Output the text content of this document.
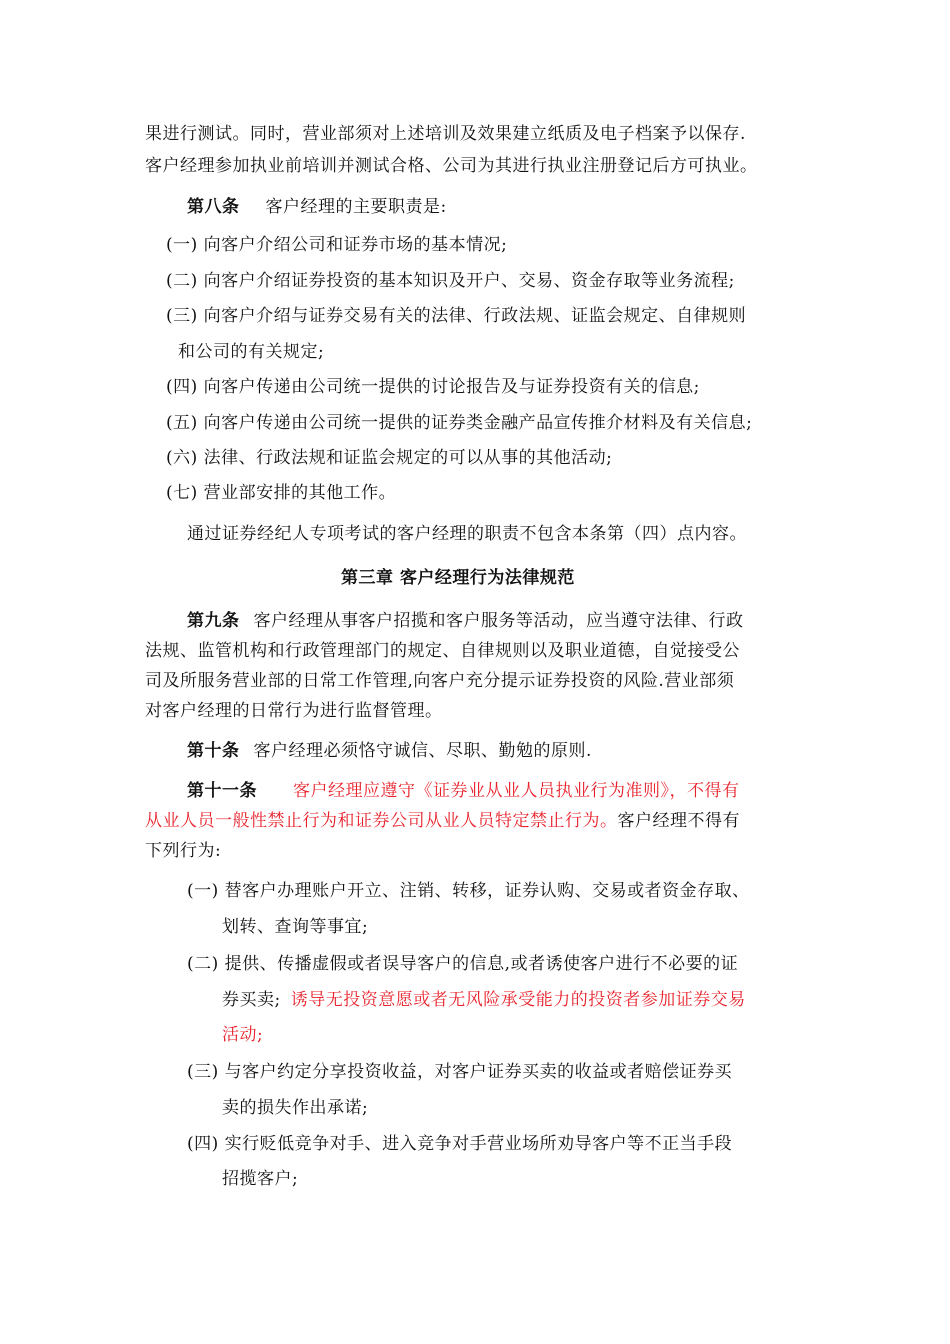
果进行测试。同时，营业部须对上述培训及效果建立纸质及电子档案予以保存.
客户经理参加执业前培训并测试合格、公司为其进行执业注册登记后方可执业。
第八条 客户经理的主要职责是:
(一) 向客户介绍公司和证券市场的基本情况;
(二) 向客户介绍证券投资的基本知识及开户、交易、资金存取等业务流程;
(三) 向客户介绍与证券交易有关的法律、行政法规、证监会规定、自律规则
和公司的有关规定;
(四) 向客户传递由公司统一提供的讨论报告及与证券投资有关的信息;
(五) 向客户传递由公司统一提供的证券类金融产品宣传推介材料及有关信息;
(六) 法律、行政法规和证监会规定的可以从事的其他活动;
(七) 营业部安排的其他工作。
通过证券经纪人专项考试的客户经理的职责不包含本条第（四）点内容。
第三章 客户经理行为法律规范
第九条 客户经理从事客户招揽和客户服务等活动，应当遵守法律、行政
法规、监管机构和行政管理部门的规定、自律规则以及职业道德，自觉接受公
司及所服务营业部的日常工作管理,向客户充分提示证券投资的风险.营业部须
对客户经理的日常行为进行监督管理。
第十条 客户经理必须恪守诚信、尽职、勤勉的原则.
第十一条 客户经理应遵守《证券业从业人员执业行为准则》，不得有
从业人员一般性禁止行为和证券公司从业人员特定禁止行为。客户经理不得有
下列行为:
(一) 替客户办理账户开立、注销、转移，证券认购、交易或者资金存取、
划转、查询等事宜;
(二) 提供、传播虚假或者误导客户的信息,或者诱使客户进行不必要的证
券买卖; 诱导无投资意愿或者无风险承受能力的投资者参加证券交易
活动;
(三) 与客户约定分享投资收益，对客户证券买卖的收益或者赔偿证券买
卖的损失作出承诺;
(四) 实行贬低竞争对手、进入竞争对手营业场所劝导客户等不正当手段
招揽客户;
